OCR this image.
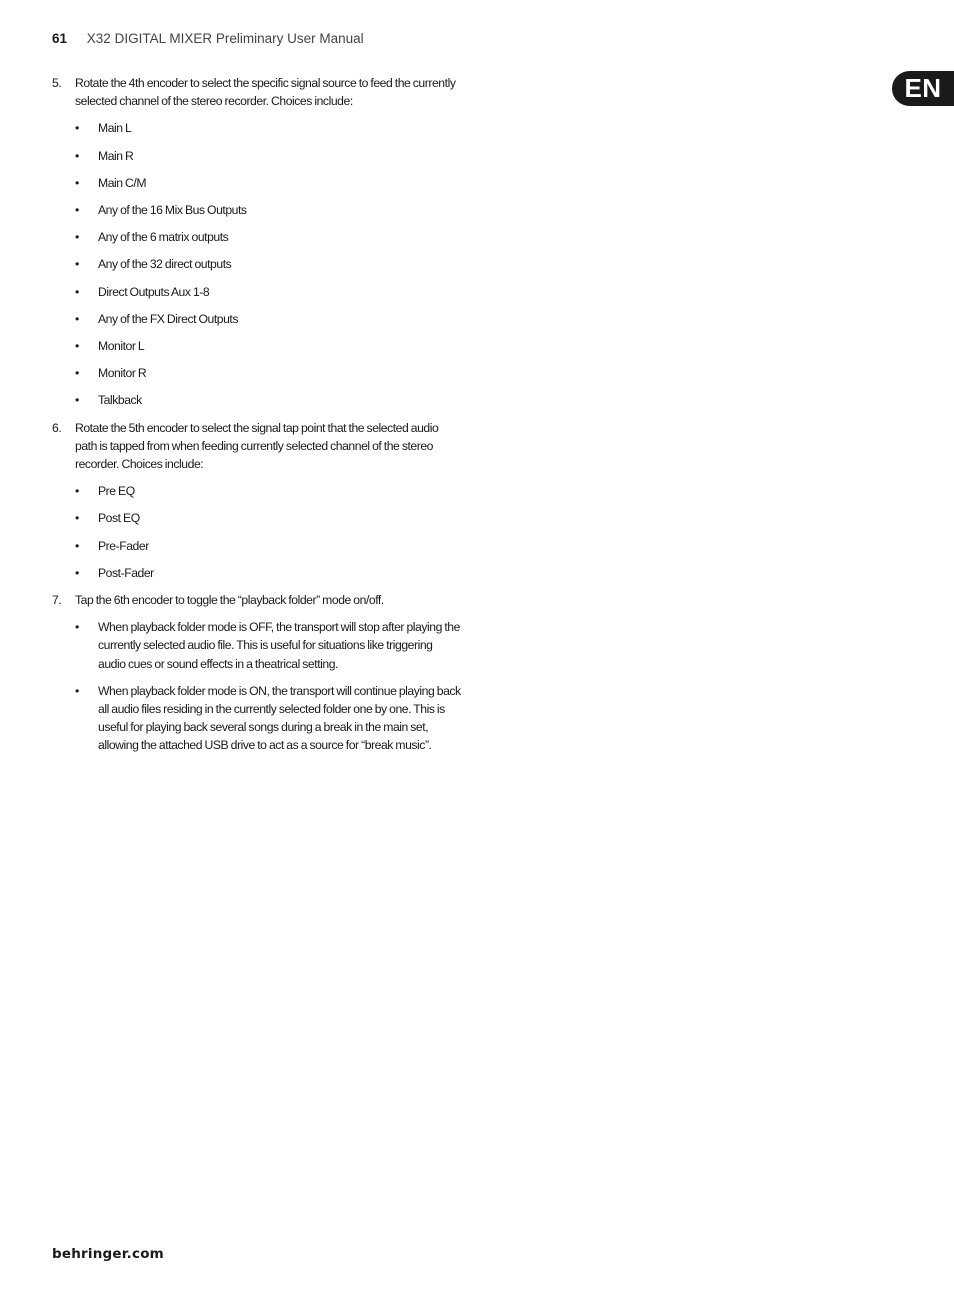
61 X32 DIGITAL MIXER Preliminary User Manual
EN
5.	Rotate the 4th encoder to select the specific signal source to feed the currently selected channel of the stereo recorder. Choices include:
•	Main L
•	Main R
•	Main C/M
•	Any of the 16 Mix Bus Outputs
•	Any of the 6 matrix outputs
•	Any of the 32 direct outputs
•	Direct Outputs Aux 1-8
•	Any of the FX Direct Outputs
•	Monitor L
•	Monitor R
•	Talkback
6.	Rotate the 5th encoder to select the signal tap point that the selected audio path is tapped from when feeding currently selected channel of the stereo recorder. Choices include:
•	Pre EQ
•	Post EQ
•	Pre-Fader
•	Post-Fader
7.	Tap the 6th encoder to toggle the “playback folder” mode on/off.
•	When playback folder mode is OFF, the transport will stop after playing the currently selected audio file. This is useful for situations like triggering audio cues or sound effects in a theatrical setting.
•	When playback folder mode is ON, the transport will continue playing back all audio files residing in the currently selected folder one by one. This is useful for playing back several songs during a break in the main set, allowing the attached USB drive to act as a source for “break music”.
behringer.com
